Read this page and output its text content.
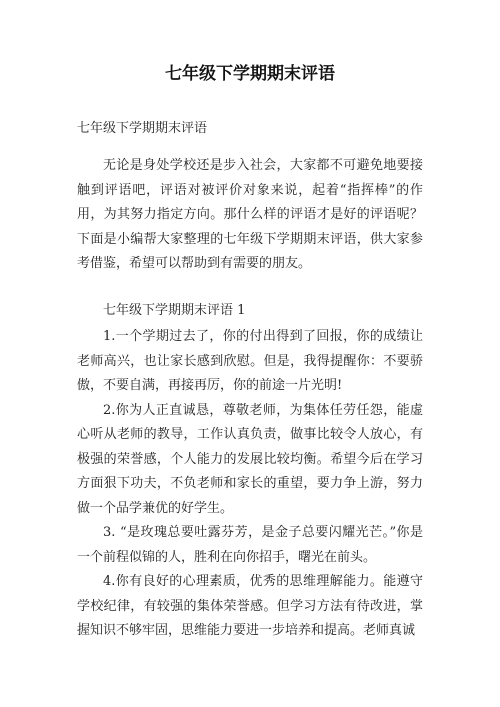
七年级下学期期末评语

七年级下学期期末评语

无论是身处学校还是步入社会，大家都不可避免地要接触到评语吧，评语对被评价对象来说，起着“指挥棒”的作用，为其努力指定方向。那什么样的评语才是好的评语呢？下面是小编帮大家整理的七年级下学期期末评语，供大家参考借鉴，希望可以帮助到有需要的朋友。

七年级下学期期末评语 1

1.一个学期过去了，你的付出得到了回报，你的成绩让老师高兴，也让家长感到欣慰。但是，我得提醒你：不要骄傲，不要自满，再接再厉，你的前途一片光明!

2.你为人正直诚恳，尊敬老师，为集体任劳任怨，能虚心听从老师的教导，工作认真负责，做事比较令人放心，有极强的荣誉感，个人能力的发展比较均衡。希望今后在学习方面狠下功夫，不负老师和家长的重望，要力争上游，努力做一个品学兼优的好学生。

3. “是玫瑰总要吐露芬芳，是金子总要闪耀光芒。”你是一个前程似锦的人，胜利在向你招手，曙光在前头。

4.你有良好的心理素质，优秀的思维理解能力。能遵守学校纪律，有较强的集体荣誉感。但学习方法有待改进，掌握知识不够牢固，思维能力要进一步培养和提高。老师真诚
